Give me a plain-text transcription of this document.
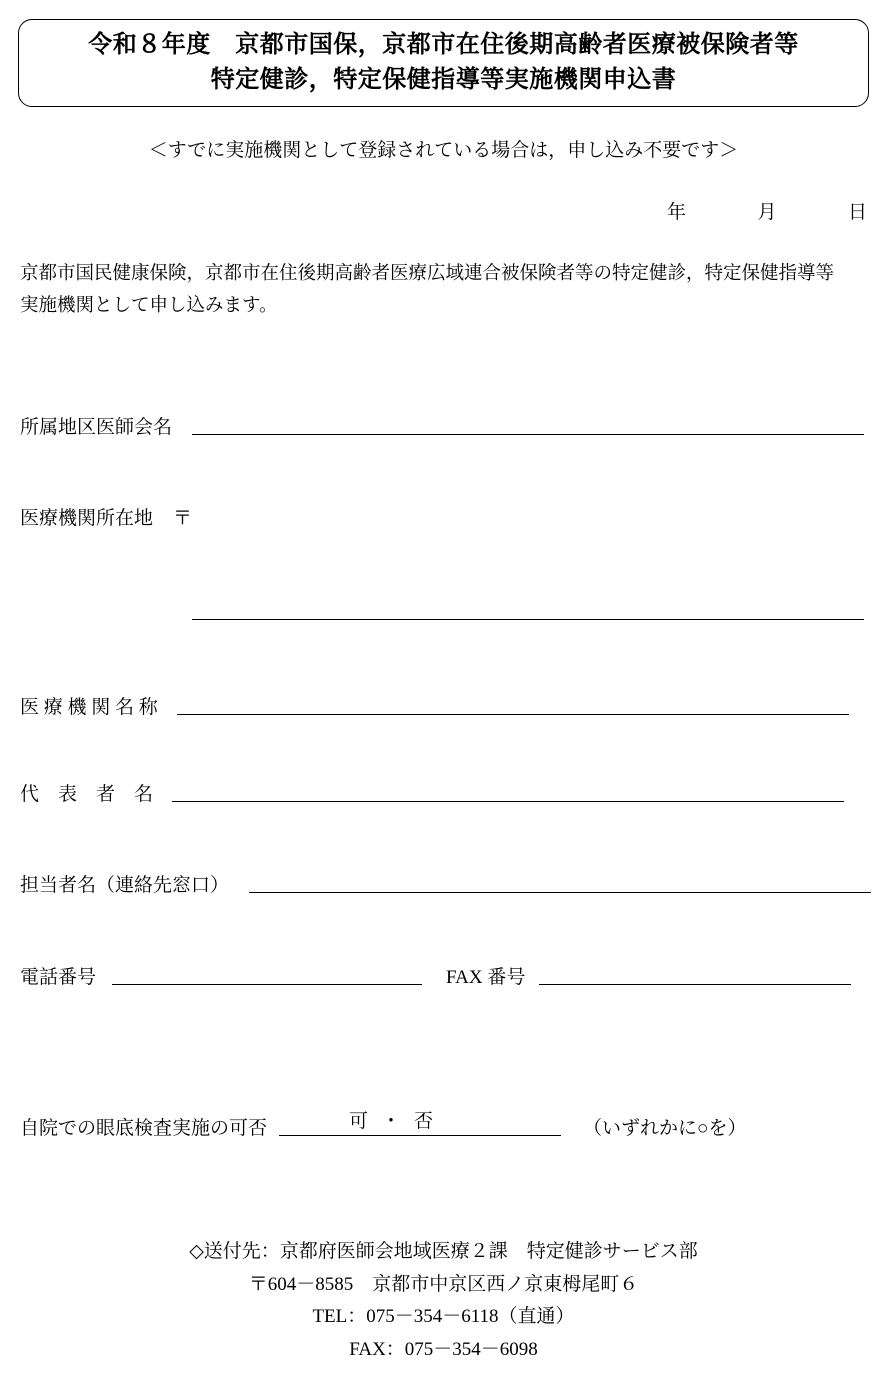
令和８年度　京都市国保，京都市在住後期高齢者医療被保険者等
特定健診，特定保健指導等実施機関申込書
＜すでに実施機関として登録されている場合は，申し込み不要です＞
年	月	日
京都市国民健康保険，京都市在住後期高齢者医療広域連合被保険者等の特定健診，特定保健指導等
実施機関として申し込みます。
所属地区医師会名
医療機関所在地 〒
医 療 機 関 名 称
代　表　者　名
担当者名（連絡先窓口）
電話番号	FAX 番号
自院での眼底検査実施の可否	可 ・ 否	（いずれかに○を）
◇送付先：京都府医師会地域医療２課　特定健診サービス部
〒604－8585　京都市中京区西ノ京東栂尾町６
TEL：075－354－6118（直通）
FAX：075－354－6098
